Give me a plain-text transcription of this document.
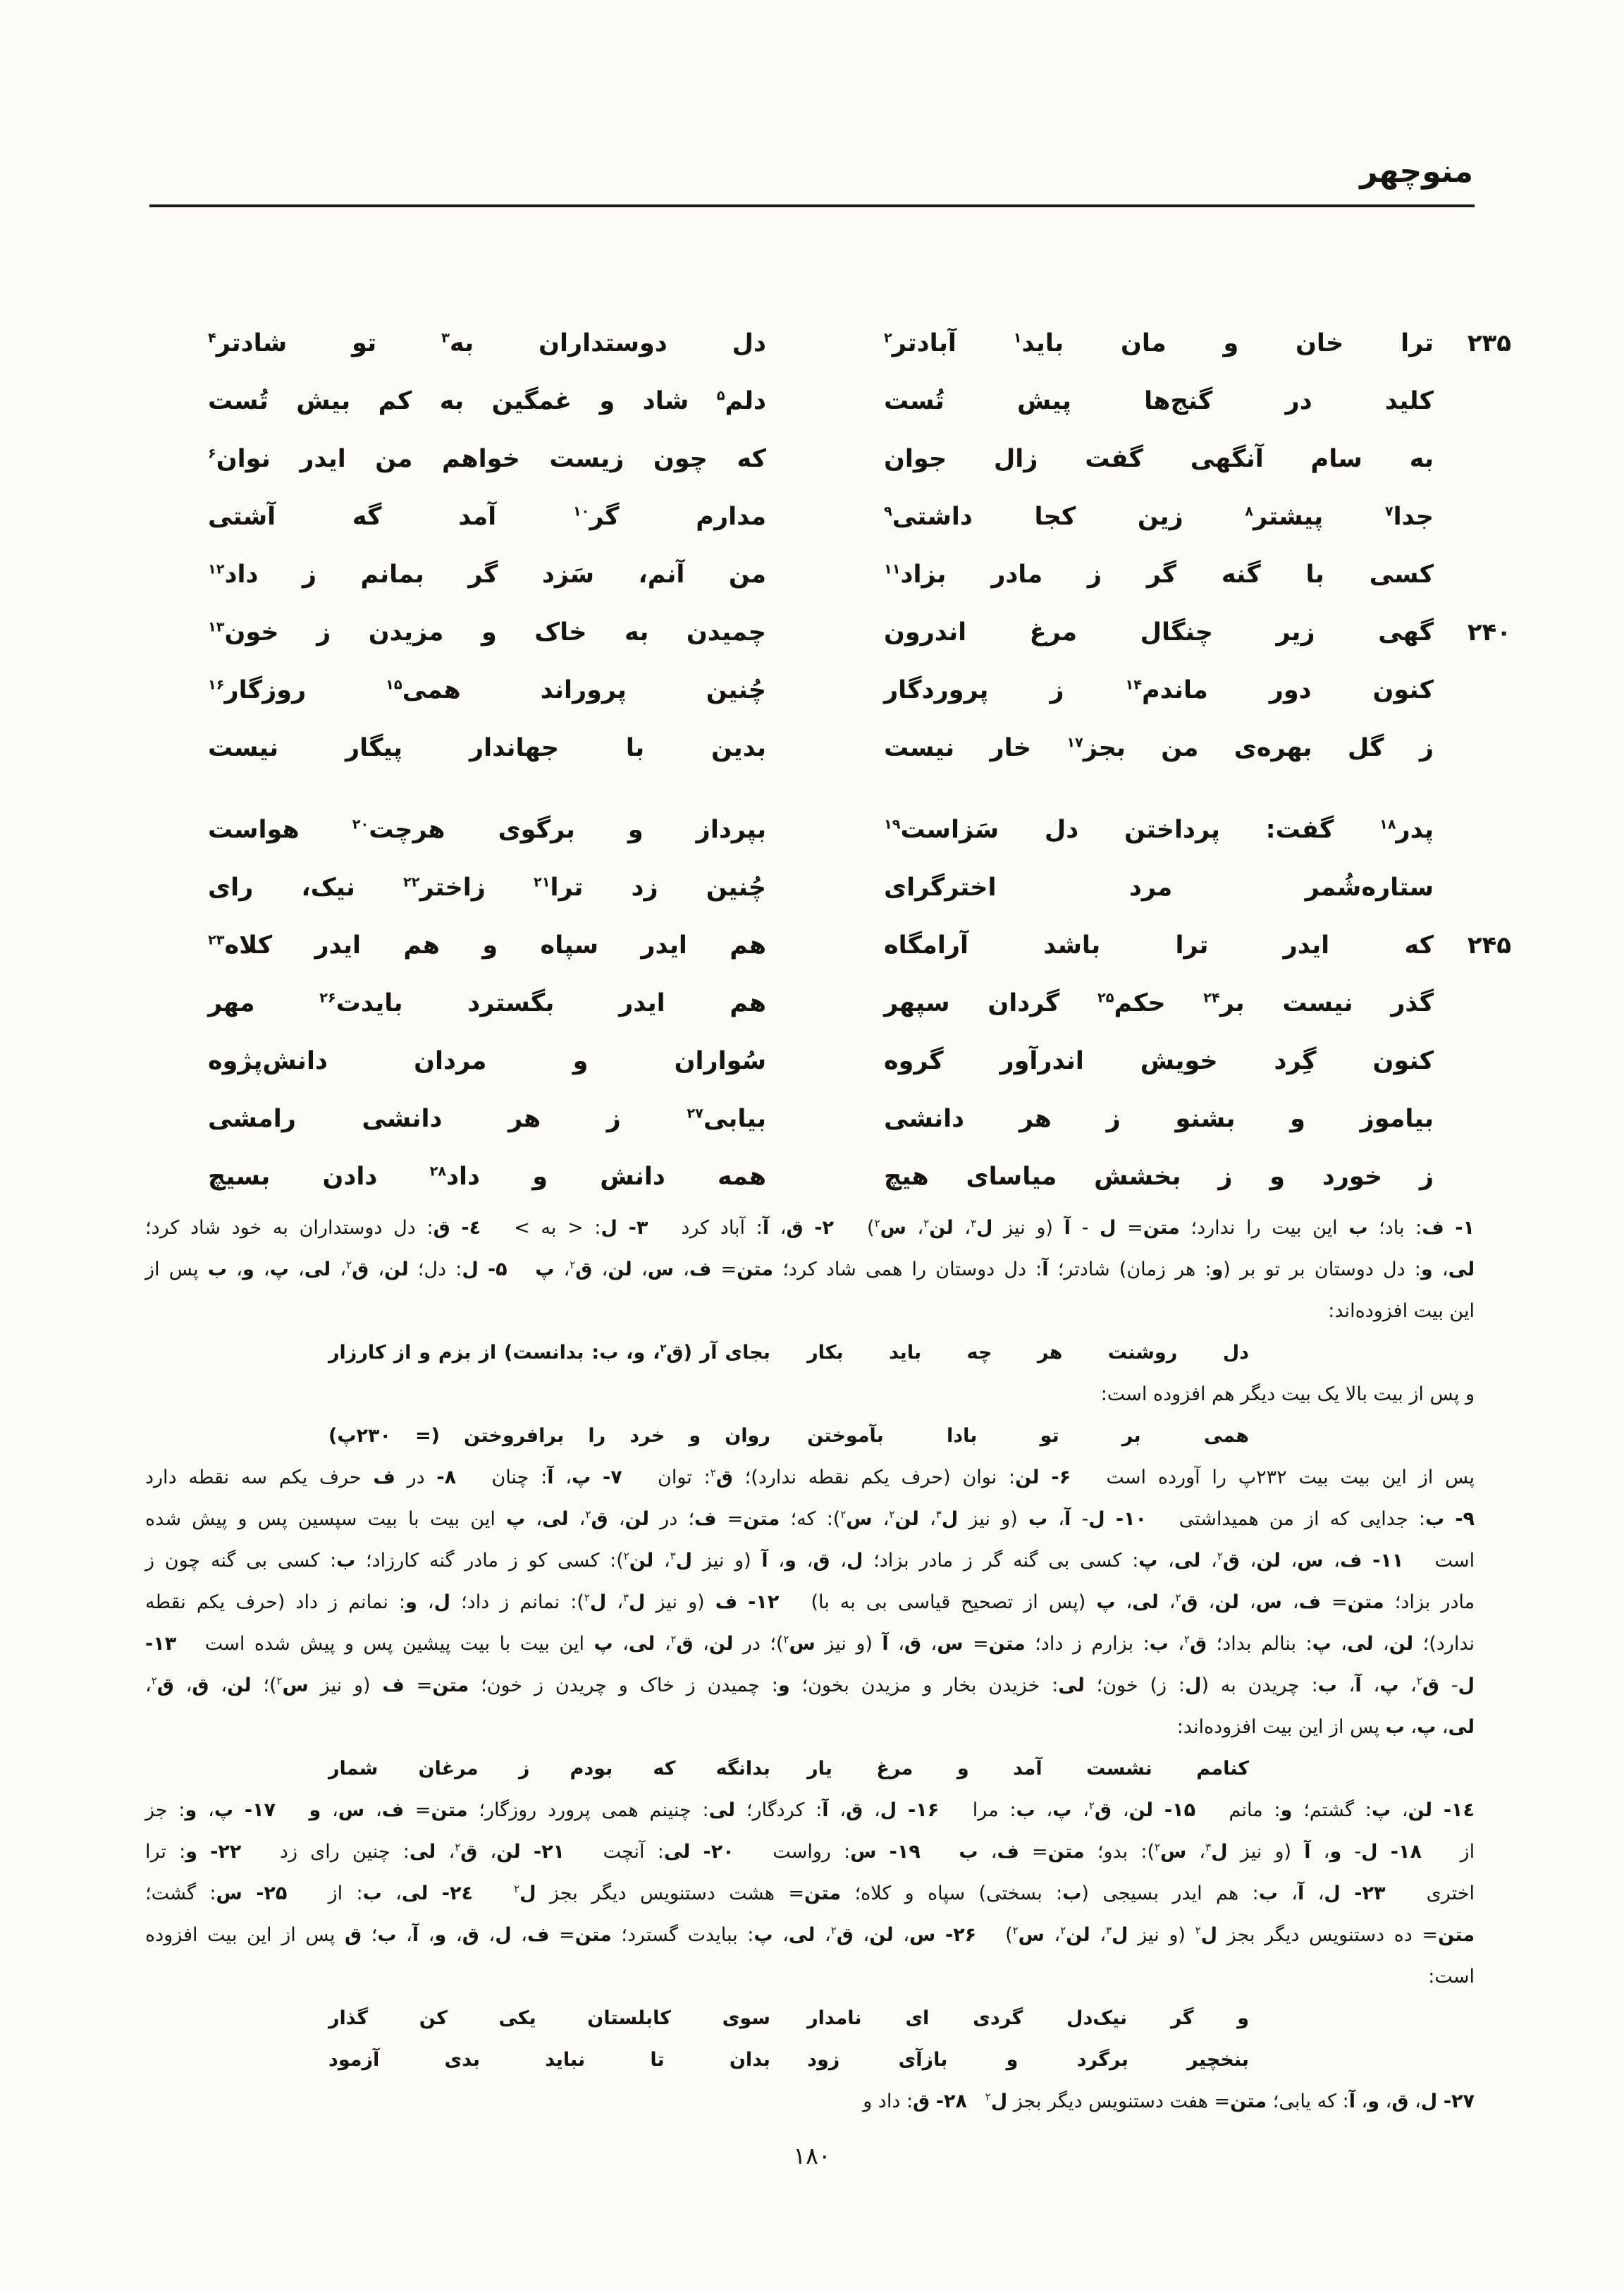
منوچهر
۲۳۵
ترا خان و مان باید$^۱$ آبادتر$^۲$
دل دوستداران به$^۳$ تو شادتر$^۴$
کلید در گنج‌ها پیش تُست
دلم$^۵$ شاد و غمگین به کم بیش تُست
به سام آنگهی گفت زال جوان
که چون زیست خواهم من ایدر نوان$^۶$
جدا$^۷$ پیشتر$^۸$ زین کجا داشتی$^۹$
مدارم گر$^{۱۰}$ آمد گه آشتی
کسی با گنه گر ز مادر بزاد$^{۱۱}$
من آنم، سَزد گر بمانم ز داد$^{۱۲}$
۲۴۰
گهی زیر چنگال مرغ اندرون
چمیدن به خاک و مزیدن ز خون$^{۱۳}$
کنون دور ماندم$^{۱۴}$ ز پروردگار
چُنین پروراند همی$^{۱۵}$ روزگار$^{۱۶}$
ز گل بهره‌ی من بجز$^{۱۷}$ خار نیست
بدین با جهاندار پیگار نیست
پدر$^{۱۸}$ گفت: پرداختن دل سَزاست$^{۱۹}$
بپرداز و برگوی هرچت$^{۲۰}$ هواست
ستاره‌شُمر مرد اخترگرای
چُنین زد ترا$^{۲۱}$ زاختر$^{۲۲}$ نیک، رای
۲۴۵
که ایدر ترا باشد آرامگاه
هم ایدر سپاه و هم ایدر کلاه$^{۲۳}$
گذر نیست بر$^{۲۴}$ حکم$^{۲۵}$ گردان سپهر
هم ایدر بگسترد بایدت$^{۲۶}$ مهر
کنون گِرد خویش اندرآور گروه
سُواران و مردان دانش‌پژوه
بیاموز و بشنو ز هر دانشی
بیابی$^{۲۷}$ ز هر دانشی رامشی
ز خورد و ز بخشش میاسای هیچ
همه دانش و داد$^{۲۸}$ دادن بسیچ

۱- ف: باد؛ ب این بیت را ندارد؛ متن= ل - آ (و نیز ل$^۳$، لن$^۲$، س$^۲$)   ۲- ق، آ: آباد کرد   ۳- ل: < به >   ٤- ق: دل دوستداران به خود شاد کرد؛

لی، و: دل دوستان بر تو بر (و: هر زمان) شادتر؛ آ: دل دوستان را همی شاد کرد؛ متن= ف، س، لن، ق$^۲$، پ   ۵- ل: دل؛ لن، ق$^۲$، لی، پ، و، ب پس از

این بیت افزوده‌اند:

دل روشنت هر چه باید بکار
بجای آر (ق$^۲$، و، ب: بدانست) از بزم و از کارزار

و پس از بیت بالا یک بیت دیگر هم افزوده است:

همی بر تو بادا بآموختن
روان و خرد را برافروختن (= ۲۳۰پ)

پس از این بیت بیت ۲۳۲پ را آورده است   ۶- لن: نوان (حرف یکم نقطه ندارد)؛ ق$^۲$: توان   ۷- پ، آ: چنان   ۸- در ف حرف یکم سه نقطه دارد

۹- ب: جدایی که از من همیداشتی   ۱۰- ل- آ، ب (و نیز ل$^۳$، لن$^۲$، س$^۲$): که؛ متن= ف؛ در لن، ق$^۲$، لی، پ این بیت با بیت سپسین پس و پیش شده

است   ۱۱- ف، س، لن، ق$^۲$، لی، پ: کسی بی گنه گر ز مادر بزاد؛ ل، ق، و، آ (و نیز ل$^۳$، لن$^۲$): کسی کو ز مادر گنه کارزاد؛ ب: کسی بی گنه چون ز

مادر بزاد؛ متن= ف، س، لن، ق$^۲$، لی، پ (پس از تصحیح قیاسی بی به با)   ۱۲- ف (و نیز ل$^۳$، ل$^۲$): نمانم ز داد؛ ل، و: نمانم ز داد (حرف یکم نقطه

ندارد)؛ لن، لی، پ: بنالم بداد؛ ق$^۲$، ب: بزارم ز داد؛ متن= س، ق، آ (و نیز س$^۲$)؛ در لن، ق$^۲$، لی، پ این بیت با بیت پیشین پس و پیش شده است   ۱۳-

ل- ق$^۲$، پ، آ، ب: چریدن به (ل: ز) خون؛ لی: خزیدن بخار و مزیدن بخون؛ و: چمیدن ز خاک و چریدن ز خون؛ متن= ف (و نیز س$^۲$)؛ لن، ق، ق$^۲$،

لی، پ، ب پس از این بیت افزوده‌اند:

کنامم نشست آمد و مرغ یار
بدانگه که بودم ز مرغان شمار

۱٤- لن، پ: گشتم؛ و: مانم   ۱۵- لن، ق$^۲$، پ، ب: مرا   ۱۶- ل، ق، آ: کردگار؛ لی: چنینم همی پرورد روزگار؛ متن= ف، س، و   ۱۷- پ، و: جز

از   ۱۸- ل- و، آ (و نیز ل$^۳$، س$^۲$): بدو؛ متن= ف، ب   ۱۹- س: رواست   ۲۰- لی: آنچت   ۲۱- لن، ق$^۲$، لی: چنین رای زد   ۲۲- و: ترا

اختری   ۲۳- ل، آ، ب: هم ایدر بسیجی (ب: بسختی) سپاه و کلاه؛ متن= هشت دستنویس دیگر بجز ل$^۲$   ۲٤- لی، ب: از   ۲۵- س: گشت؛

متن= ده دستنویس دیگر بجز ل$^۲$ (و نیز ل$^۳$، لن$^۲$، س$^۲$)   ۲۶- س، لن، ق$^۲$، لی، پ: ببایدت گسترد؛ متن= ف، ل، ق، و، آ، ب؛ ق پس از این بیت افزوده

است:

و گر نیک‌دل گردی ای نامدار
سوی کابلستان یکی کن گذار
بنخچیر برگرد و بازآی زود
بدان تا نباید بدی آزمود

۲۷- ل، ق، و، آ: که یابی؛ متن= هفت دستنویس دیگر بجز ل$^۲$   ۲۸- ق: داد و

۱۸۰
